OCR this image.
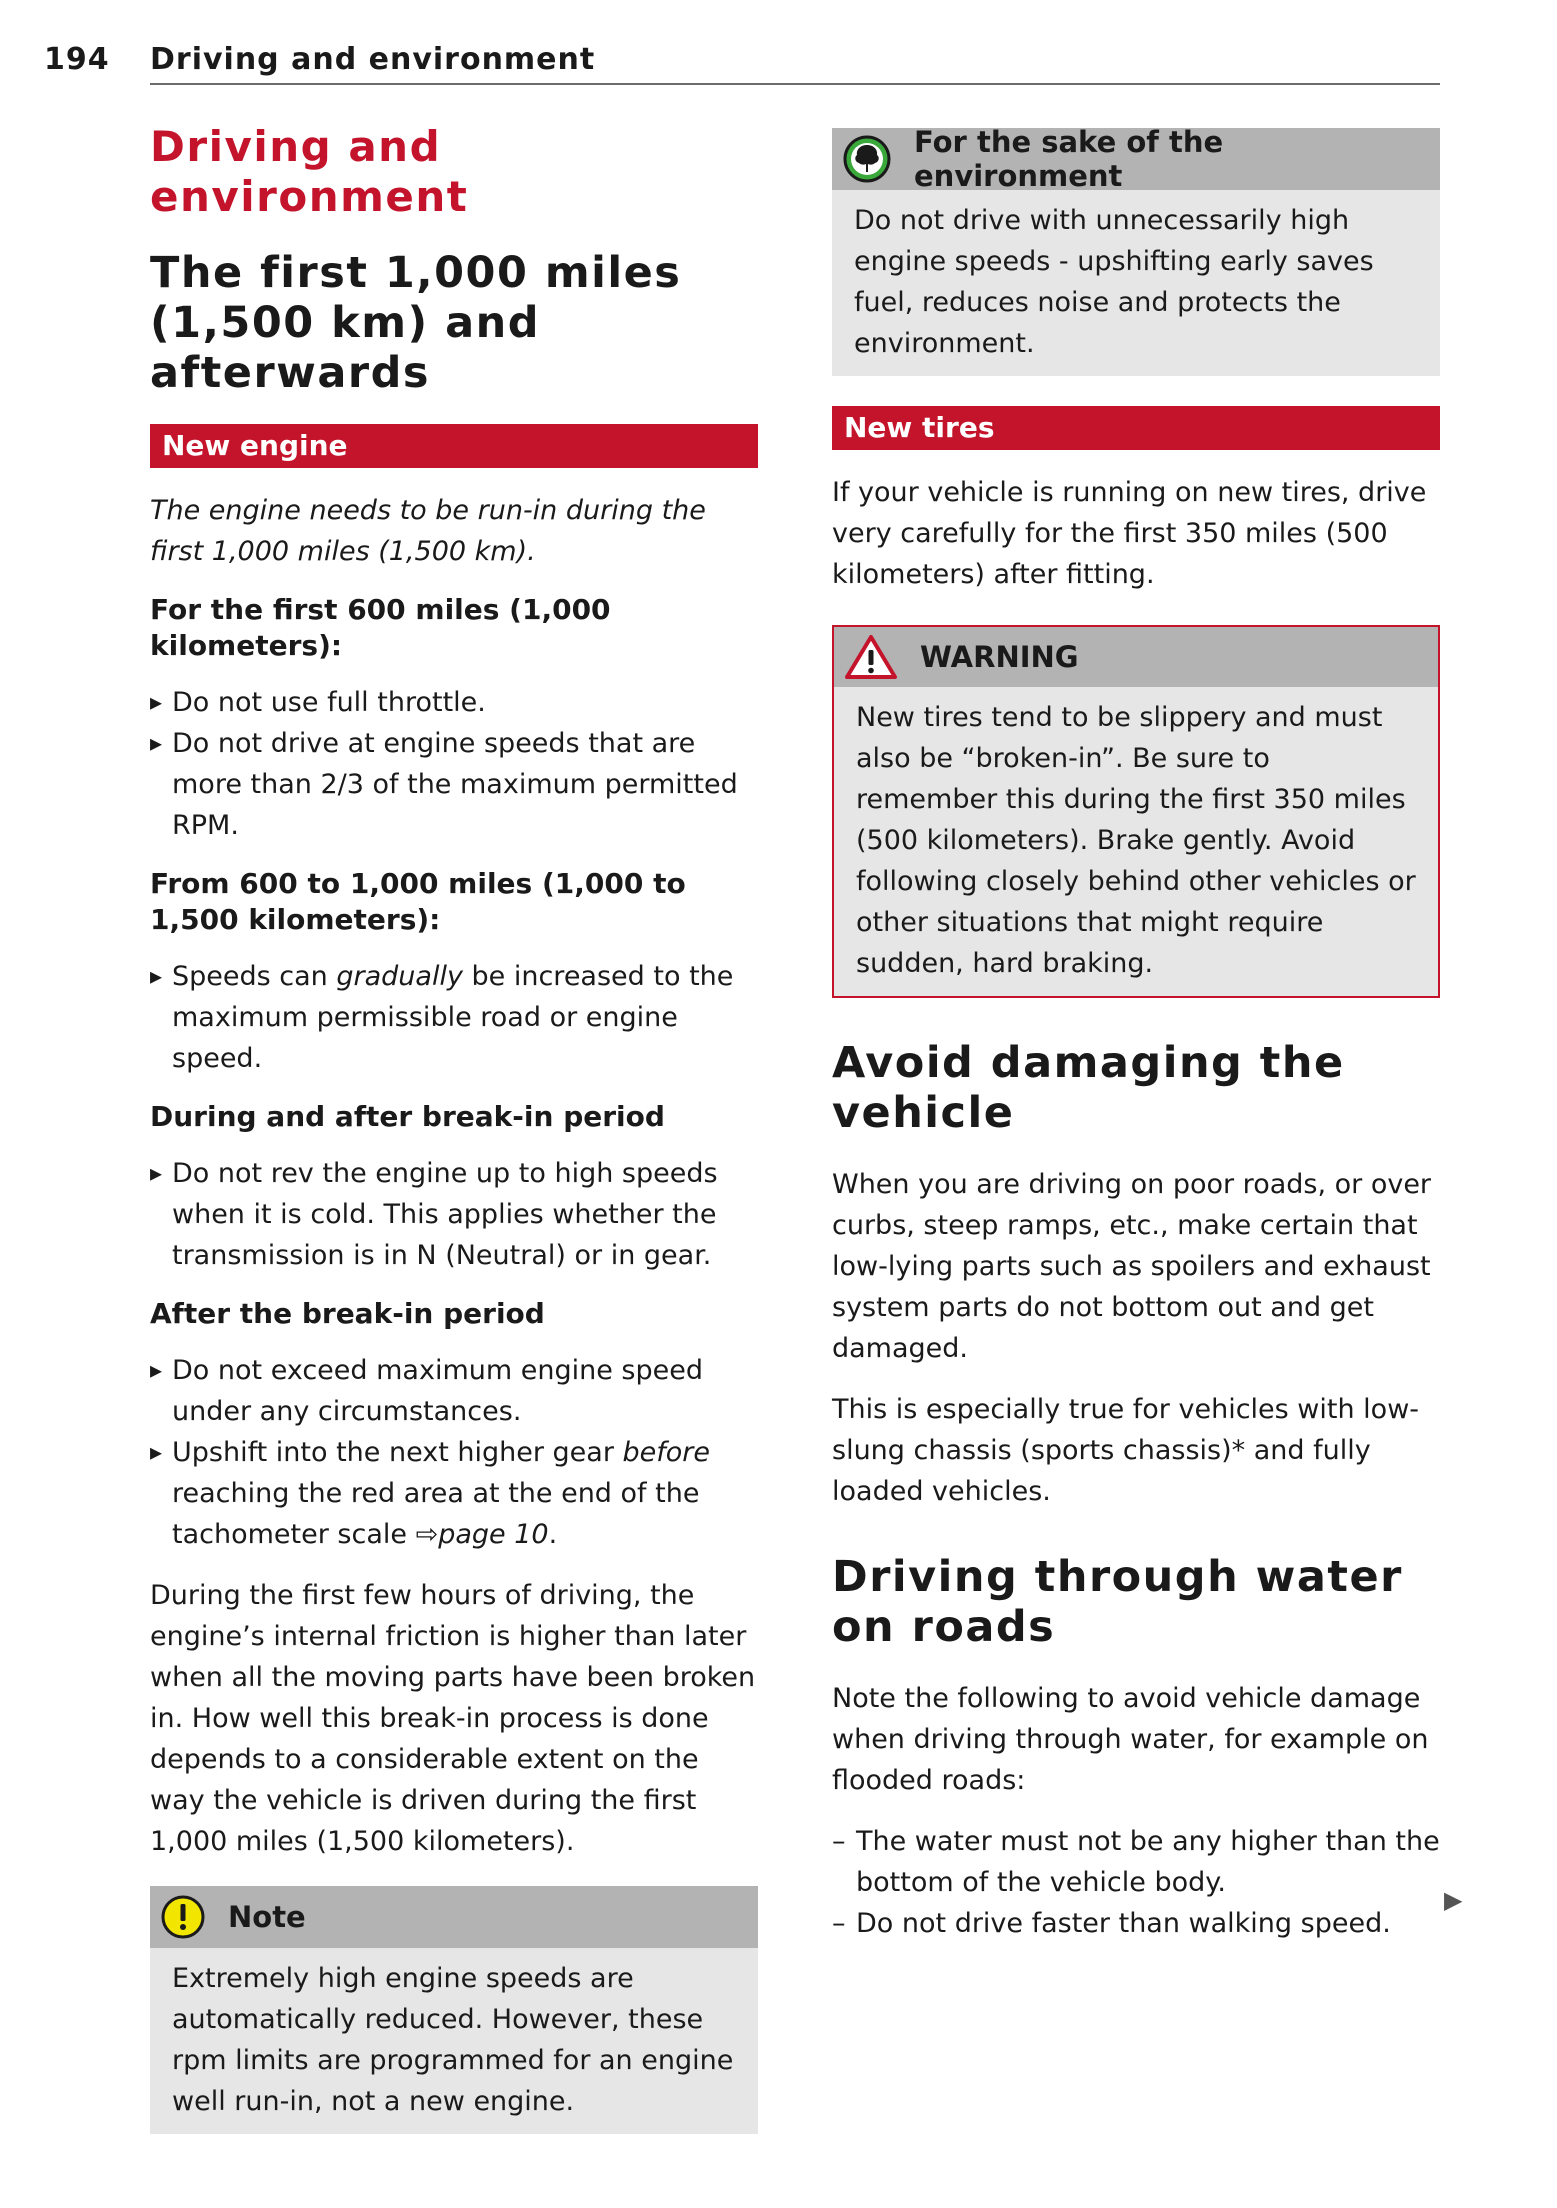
194 Driving and environment
Driving and environment
The first 1,000 miles (1,500 km) and afterwards
New engine

The engine needs to be run-in during the first 1,000 miles (1,500 km).

For the first 600 miles (1,000 kilometers):
▸ Do not use full throttle.
▸ Do not drive at engine speeds that are more than 2/3 of the maximum permitted RPM.
From 600 to 1,000 miles (1,000 to 1,500 kilometers):
▸ Speeds can gradually be increased to the maximum permissible road or engine speed.
During and after break-in period
▸ Do not rev the engine up to high speeds when it is cold. This applies whether the transmission is in N (Neutral) or in gear.
After the break-in period
▸ Do not exceed maximum engine speed under any circumstances.
▸ Upshift into the next higher gear before reaching the red area at the end of the tachometer scale ⇨page 10.

During the first few hours of driving, the engine’s internal friction is higher than later when all the moving parts have been broken in. How well this break-in process is done depends to a considerable extent on the way the vehicle is driven during the first 1,000 miles (1,500 kilometers).

Note
Extremely high engine speeds are automatically reduced. However, these rpm limits are programmed for an engine well run-in, not a new engine.
For the sake of the environment
Do not drive with unnecessarily high engine speeds - upshifting early saves fuel, reduces noise and protects the environment.
New tires

If your vehicle is running on new tires, drive very carefully for the first 350 miles (500 kilometers) after fitting.

WARNING
New tires tend to be slippery and must also be “broken-in”. Be sure to remember this during the first 350 miles (500 kilometers). Brake gently. Avoid following closely behind other vehicles or other situations that might require sudden, hard braking.
Avoid damaging the vehicle

When you are driving on poor roads, or over curbs, steep ramps, etc., make certain that low-lying parts such as spoilers and exhaust system parts do not bottom out and get damaged.

This is especially true for vehicles with low-slung chassis (sports chassis)* and fully loaded vehicles.

Driving through water on roads

Note the following to avoid vehicle damage when driving through water, for example on flooded roads:

– The water must not be any higher than the bottom of the vehicle body.
– Do not drive faster than walking speed.
▶
